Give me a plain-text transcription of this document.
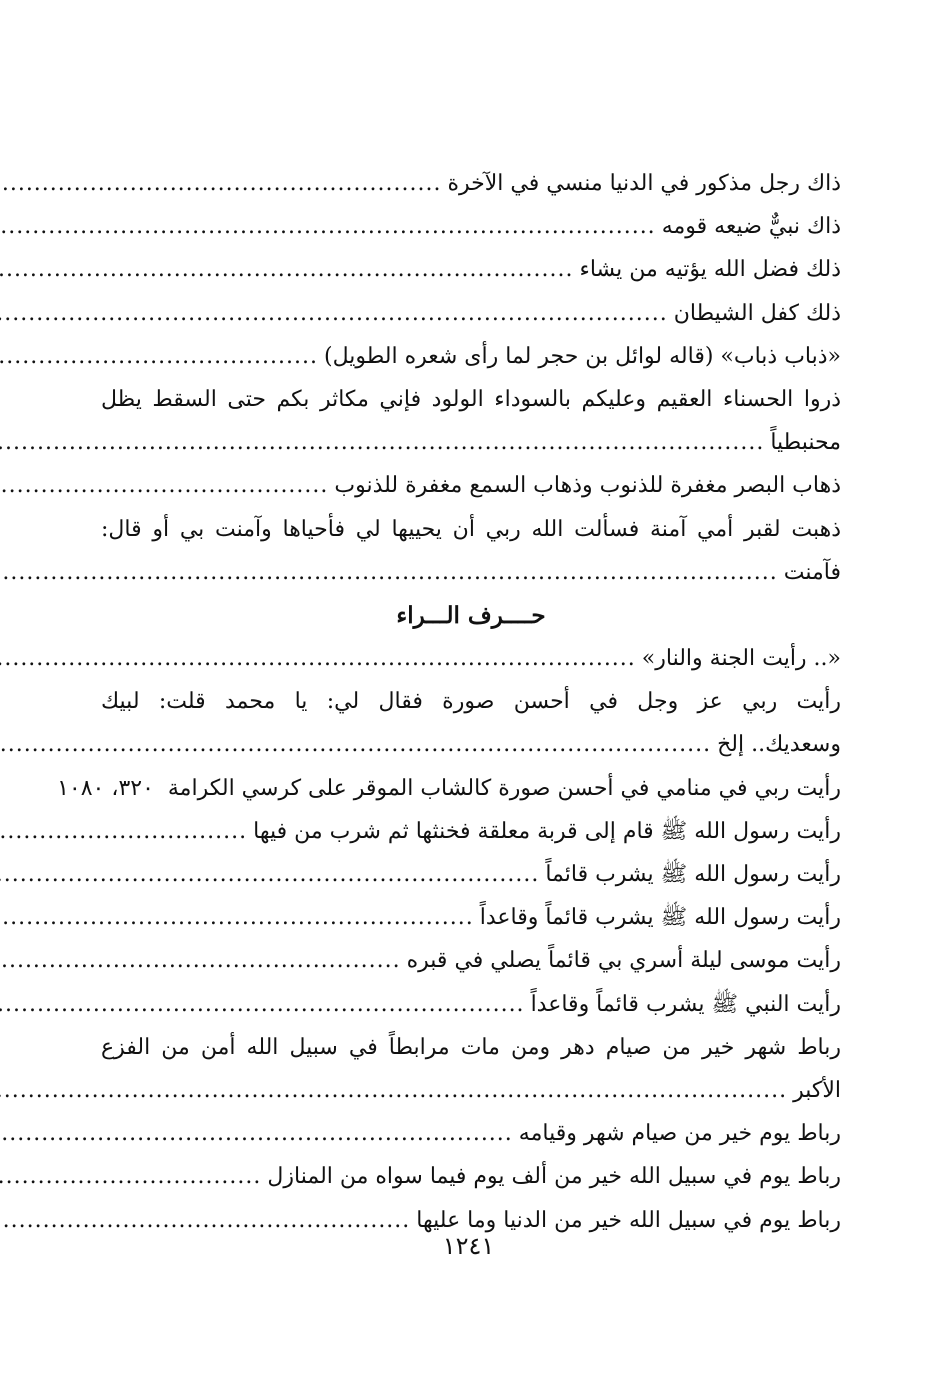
ذاك رجل مذكور في الدنيا منسي في الآخرة
.....
ذاك نبيٌّ ضيعه قومه
.....
ذلك فضل الله يؤتيه من يشاء
.....
ذلك كفل الشيطان
.....
«ذباب ذباب» (قاله لوائل بن حجر لما رأى شعره الطويل)
.....
ذروا الحسناء العقيم وعليكم بالسوداء الولود فإني مكاثر بكم حتى السقط يظل
محنبطياً
.....
ذهاب البصر مغفرة للذنوب وذهاب السمع مغفرة للذنوب
.....
ذهبت لقبر أمي آمنة فسألت الله ربي أن يحييها لي فأحياها وآمنت بي أو قال:
فآمنت
.....
حــــرف الـــراء
«.. رأيت الجنة والنار»
.....
رأيت ربي عز وجل في أحسن صورة فقال لي: يا محمد قلت: لبيك
وسعديك.. إلخ
.....
رأيت ربي في منامي في أحسن صورة كالشاب الموقر على كرسي الكرامة

٣٢٠، ١٠٨٠
رأيت رسول الله ﷺ قام إلى قربة معلقة فخنثها ثم شرب من فيها
.....
رأيت رسول الله ﷺ يشرب قائماً
.....
رأيت رسول الله ﷺ يشرب قائماً وقاعداً
.....
رأيت موسى ليلة أسري بي قائماً يصلي في قبره
.....
رأيت النبي ﷺ يشرب قائماً وقاعداً
.....
رباط شهر خير من صيام دهر ومن مات مرابطاً في سبيل الله أمن من الفزع
الأكبر
.....
رباط يوم خير من صيام شهر وقيامه
.....
رباط يوم في سبيل الله خير من ألف يوم فيما سواه من المنازل
.....
رباط يوم في سبيل الله خير من الدنيا وما عليها
.....
١٢٤١
